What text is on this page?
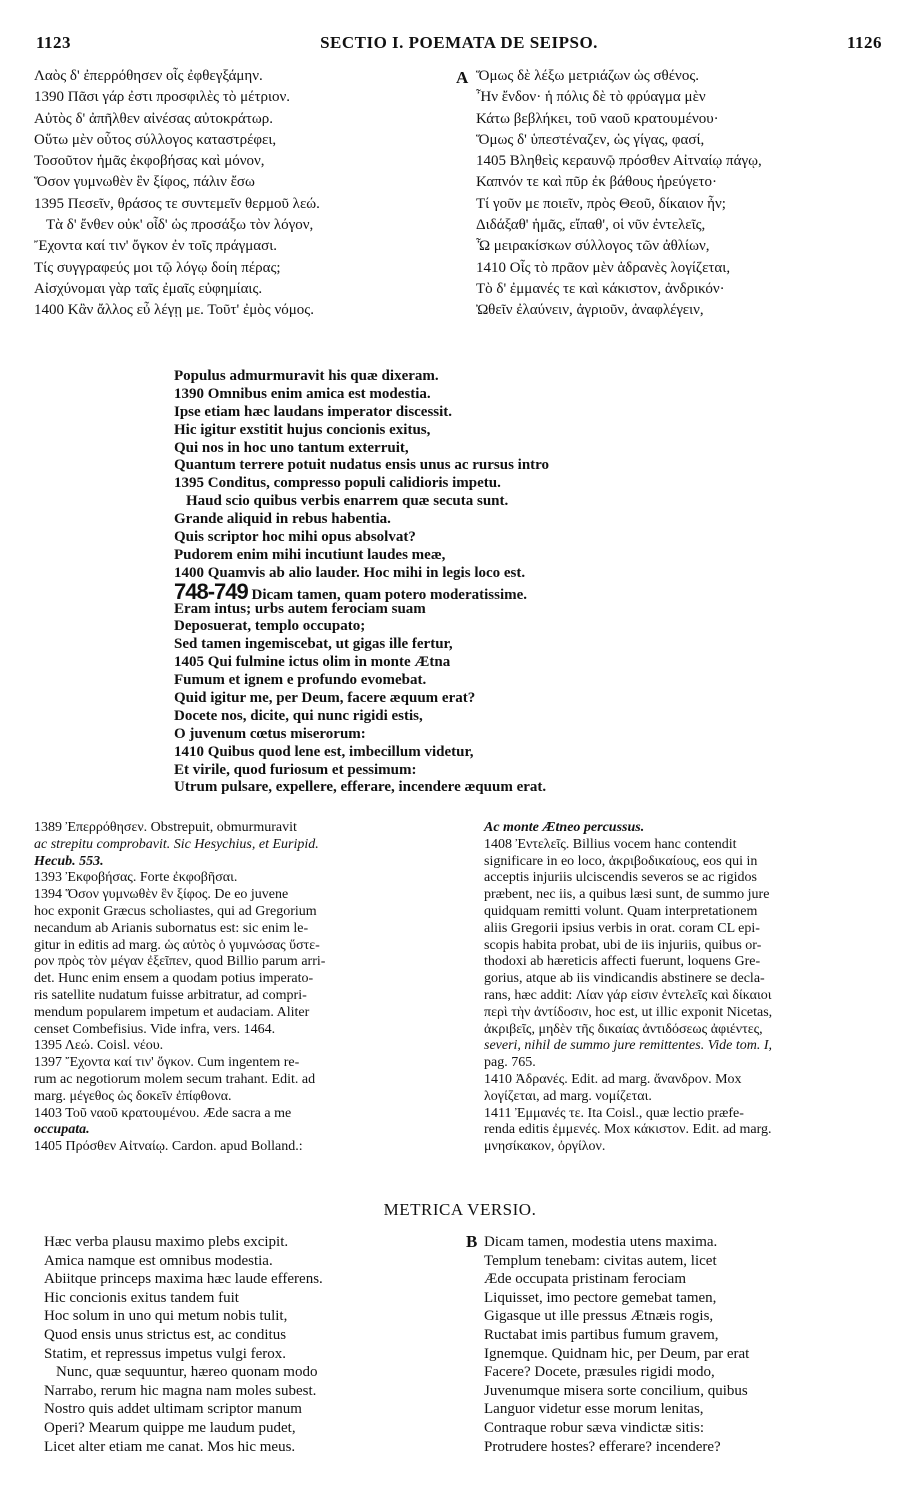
1123	SECTIO I. POEMATA DE SEIPSO.	1126
Λαὸς δ' ἐπερρόθησεν οἷς ἐφθεγξάμην.
1390 Πᾶσι γάρ ἐστι προσφιλὲς τὸ μέτριον.
Αὐτὸς δ' ἀπῆλθεν αἰνέσας αὐτοκράτωρ.
Οὕτω μὲν οὗτος σύλλογος καταστρέφει,
Τοσοῦτον ἡμᾶς ἐκφοβήσας καὶ μόνον,
Ὅσον γυμνωθὲν ἓν ξίφος, πάλιν ἔσω
1395 Πεσεῖν, θράσος τε συντεμεῖν θερμοῦ λεώ.
Τὰ δ' ἔνθεν οὐκ' οἶδ' ὡς προσάξω τὸν λόγον,
Ἔχοντα καί τιν' ὄγκον ἐν τοῖς πράγμασι.
Τίς συγγραφεύς μοι τῷ λόγῳ δοίη πέρας;
Αἰσχύνομαι γὰρ ταῖς ἐμαῖς εὐφημίαις.
1400 Κἂν ἄλλος εὖ λέγῃ με. Τοῦτ' ἐμὸς νόμος.
A Ὅμως δὲ λέξω μετριάζων ὡς σθένος.
Ἦν ἔνδον· ἡ πόλις δὲ τὸ φρύαγμα μὲν
Κάτω βεβλήκει, τοῦ ναοῦ κρατουμένου·
Ὅμως δ' ὑπεστέναζεν, ὡς γίγας, φασί,
1405 Βληθεὶς κεραυνῷ πρόσθεν Αἰτναίῳ πάγῳ,
Καπνόν τε καὶ πῦρ ἐκ βάθους ἠρεύγετο·
Τί γοῦν με ποιεῖν, πρὸς Θεοῦ, δίκαιον ἦν;
Διδάξαθ' ἡμᾶς, εἴπαθ', οἱ νῦν ἐντελεῖς,
Ὦ μειρακίσκων σύλλογος τῶν ἀθλίων,
1410 Οἷς τὸ πρᾶον μὲν ἀδρανὲς λογίζεται,
Τὸ δ' ἐμμανές τε καὶ κάκιστον, ἀνδρικόν·
Ὠθεῖν ἐλαύνειν, ἀγριοῦν, ἀναφλέγειν,
Populus admurmuravit his quæ dixeram.
1390 Omnibus enim amica est modestia.
Ipse etiam hæc laudans imperator discessit.
Hic igitur exstitit hujus concionis exitus,
Qui nos in hoc uno tantum exterruit,
Quantum terrere potuit nudatus ensis unus ac rursus intro
1395 Conditus, compresso populi calidioris impetu.
Haud scio quibus verbis enarrem quæ secuta sunt.
Grande aliquid in rebus habentia.
Quis scriptor hoc mihi opus absolvat?
Pudorem enim mihi incutiunt laudes meæ,
1400 Quamvis ab alio lauder. Hoc mihi in legis loco est.
748-749 Dicam tamen, quam potero moderatissime.
Eram intus; urbs autem ferociam suam
Deposuerat, templo occupato;
Sed tamen ingemiscebat, ut gigas ille fertur,
1405 Qui fulmine ictus olim in monte Ætna
Fumum et ignem e profundo evomebat.
Quid igitur me, per Deum, facere æquum erat?
Docete nos, dicite, qui nunc rigidi estis,
O juvenum cœtus miserorum:
1410 Quibus quod lene est, imbecillum videtur,
Et virile, quod furiosum et pessimum:
Utrum pulsare, expellere, efferare, incendere æquum erat.
1389 Ἐπερρόθησεν. Obstrepuit, obmurmuravit
ac strepitu comprobavit. Sic Hesychius, et Euripid.
Hecub. 553.
1393 Ἐκφοβήσας. Forte ἐκφοβῆσαι.
1394 Ὅσον γυμνωθὲν ἓν ξίφος. De eo juvene
hoc exponit Græcus scholiastes, qui ad Gregorium
necandum ab Arianis subornatus est: sic enim le-
gitur in editis ad marg. ὡς αὐτὸς ὁ γυμνώσας ὕστε-
ρον πρὸς τὸν μέγαν ἐξεῖπεν, quod Billio parum arri-
det. Hunc enim ensem a quodam potius imperato-
ris satellite nudatum fuisse arbitratur, ad compri-
mendum popularem impetum et audaciam. Aliter
censet Combefisius. Vide infra, vers. 1464.
1395 Λεώ. Coisl. νέου.
1397 Ἔχοντα καί τιν' ὄγκον. Cum ingentem re-
rum ac negotiorum molem secum trahant. Edit. ad
marg. μέγεθος ὡς δοκεῖν ἐπίφθονα.
1403 Τοῦ ναοῦ κρατουμένου. Æde sacra a me
occupata.
1405 Πρόσθεν Αἰτναίῳ. Cardon. apud Bolland.:
Ac monte Ætneo percussus.
1408 Ἐντελεῖς. Billius vocem hanc contendit
significare in eo loco, ἀκριβοδικαίους, eos qui in
acceptis injuriis ulciscendis severos se ac rigidos
præbent, nec iis, a quibus læsi sunt, de summo jure
quidquam remitti volunt. Quam interpretationem
aliis Gregorii ipsius verbis in orat. coram CL epi-
scopis habita probat, ubi de iis injuriis, quibus or-
thodoxi ab hæreticis affecti fuerunt, loquens Gre-
gorius, atque ab iis vindicandis abstinere se decla-
rans, hæc addit: Λίαν γάρ εἰσιν ἐντελεῖς καὶ δίκαιοι
περὶ τὴν ἀντίδοσιν, hoc est, ut illic exponit Nicetas,
ἀκριβεῖς, μηδὲν τῆς δικαίας ἀντιδόσεως ἀφιέντες,
severi, nihil de summo jure remittentes. Vide tom. I,
pag. 765.
1410 Ἀδρανές. Edit. ad marg. ἄνανδρον. Mox
λογίζεται, ad marg. νομίζεται.
1411 Ἐμμανές τε. Ita Coisl., quæ lectio præfe-
renda editis ἐμμενές. Mox κάκιστον. Edit. ad marg.
μνησίκακον, ὀργίλον.
METRICA VERSIO.
Hæc verba plausu maximo plebs excipit.
Amica namque est omnibus modestia.
Abiitque princeps maxima hæc laude efferens.
Hic concionis exitus tandem fuit
Hoc solum in uno qui metum nobis tulit,
Quod ensis unus strictus est, ac conditus
Statim, et repressus impetus vulgi ferox.
Nunc, quæ sequuntur, hæreo quonam modo
Narrabo, rerum hic magna nam moles subest.
Nostro quis addet ultimam scriptor manum
Operi? Mearum quippe me laudum pudet,
Licet alter etiam me canat. Mos hic meus.
B Dicam tamen, modestia utens maxima.
Templum tenebam: civitas autem, licet
Æde occupata pristinam ferociam
Liquisset, imo pectore gemebat tamen,
Gigasque ut ille pressus Ætnæis rogis,
Ructabat imis partibus fumum gravem,
Ignemque. Quidnam hic, per Deum, par erat
Facere? Docete, præsules rigidi modo,
Juvenumque misera sorte concilium, quibus
Languor videtur esse morum lenitas,
Contraque robur sæva vindictæ sitis:
Protrudere hostes? efferare? incendere?
